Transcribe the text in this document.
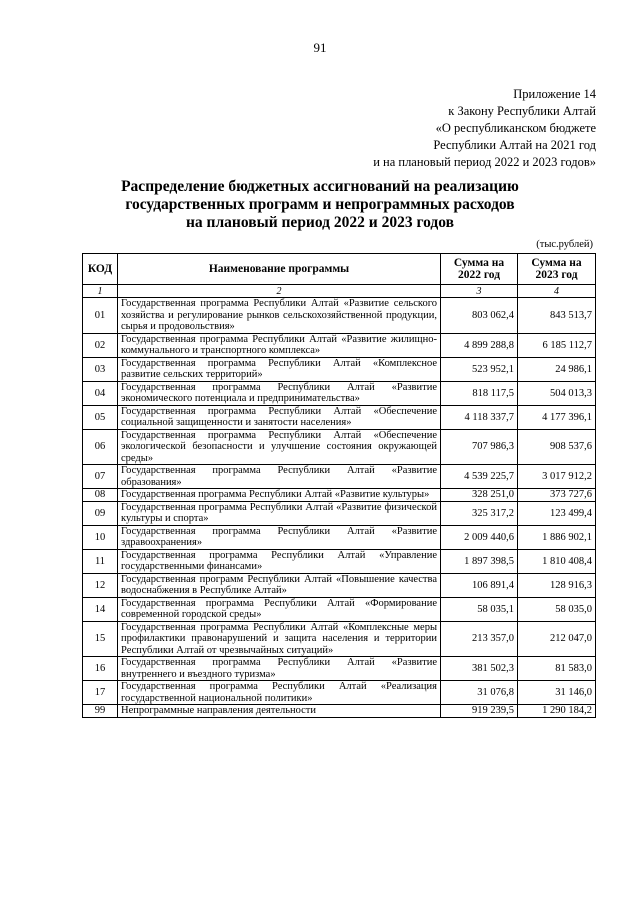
91
Приложение 14
к Закону Республики Алтай
«О республиканском бюджете
Республики Алтай на 2021 год
и на плановый период 2022 и 2023 годов»
Распределение бюджетных ассигнований на реализацию
государственных программ и непрограммных расходов
на плановый период 2022 и 2023 годов
(тыс.рублей)
КОД	Наименование программы	Сумма на 2022 год	Сумма на 2023 год
1	2	3	4
01	Государственная программа Республики Алтай «Развитие сельского хозяйства и регулирование рынков сельскохозяйственной продукции, сырья и продовольствия»	803 062,4	843 513,7
02	Государственная программа Республики Алтай «Развитие жилищно-коммунального и транспортного комплекса»	4 899 288,8	6 185 112,7
03	Государственная программа Республики Алтай «Комплексное развитие сельских территорий»	523 952,1	24 986,1
04	Государственная программа Республики Алтай «Развитие экономического потенциала и предпринимательства»	818 117,5	504 013,3
05	Государственная программа Республики Алтай «Обеспечение социальной защищенности и занятости населения»	4 118 337,7	4 177 396,1
06	Государственная программа Республики Алтай «Обеспечение экологической безопасности и улучшение состояния окружающей среды»	707 986,3	908 537,6
07	Государственная программа Республики Алтай «Развитие образования»	4 539 225,7	3 017 912,2
08	Государственная программа Республики Алтай «Развитие культуры»	328 251,0	373 727,6
09	Государственная программа Республики Алтай «Развитие физической культуры и спорта»	325 317,2	123 499,4
10	Государственная программа Республики Алтай «Развитие здравоохранения»	2 009 440,6	1 886 902,1
11	Государственная программа Республики Алтай «Управление государственными финансами»	1 897 398,5	1 810 408,4
12	Государственная программ Республики Алтай «Повышение качества водоснабжения в Республике Алтай»	106 891,4	128 916,3
14	Государственная программа Республики Алтай «Формирование современной городской среды»	58 035,1	58 035,0
15	Государственная программа Республики Алтай «Комплексные меры профилактики правонарушений и защита населения и территории Республики Алтай от чрезвычайных ситуаций»	213 357,0	212 047,0
16	Государственная программа Республики Алтай «Развитие внутреннего и въездного туризма»	381 502,3	81 583,0
17	Государственная программа Республики Алтай «Реализация государственной национальной политики»	31 076,8	31 146,0
99	Непрограммные направления деятельности	919 239,5	1 290 184,2
